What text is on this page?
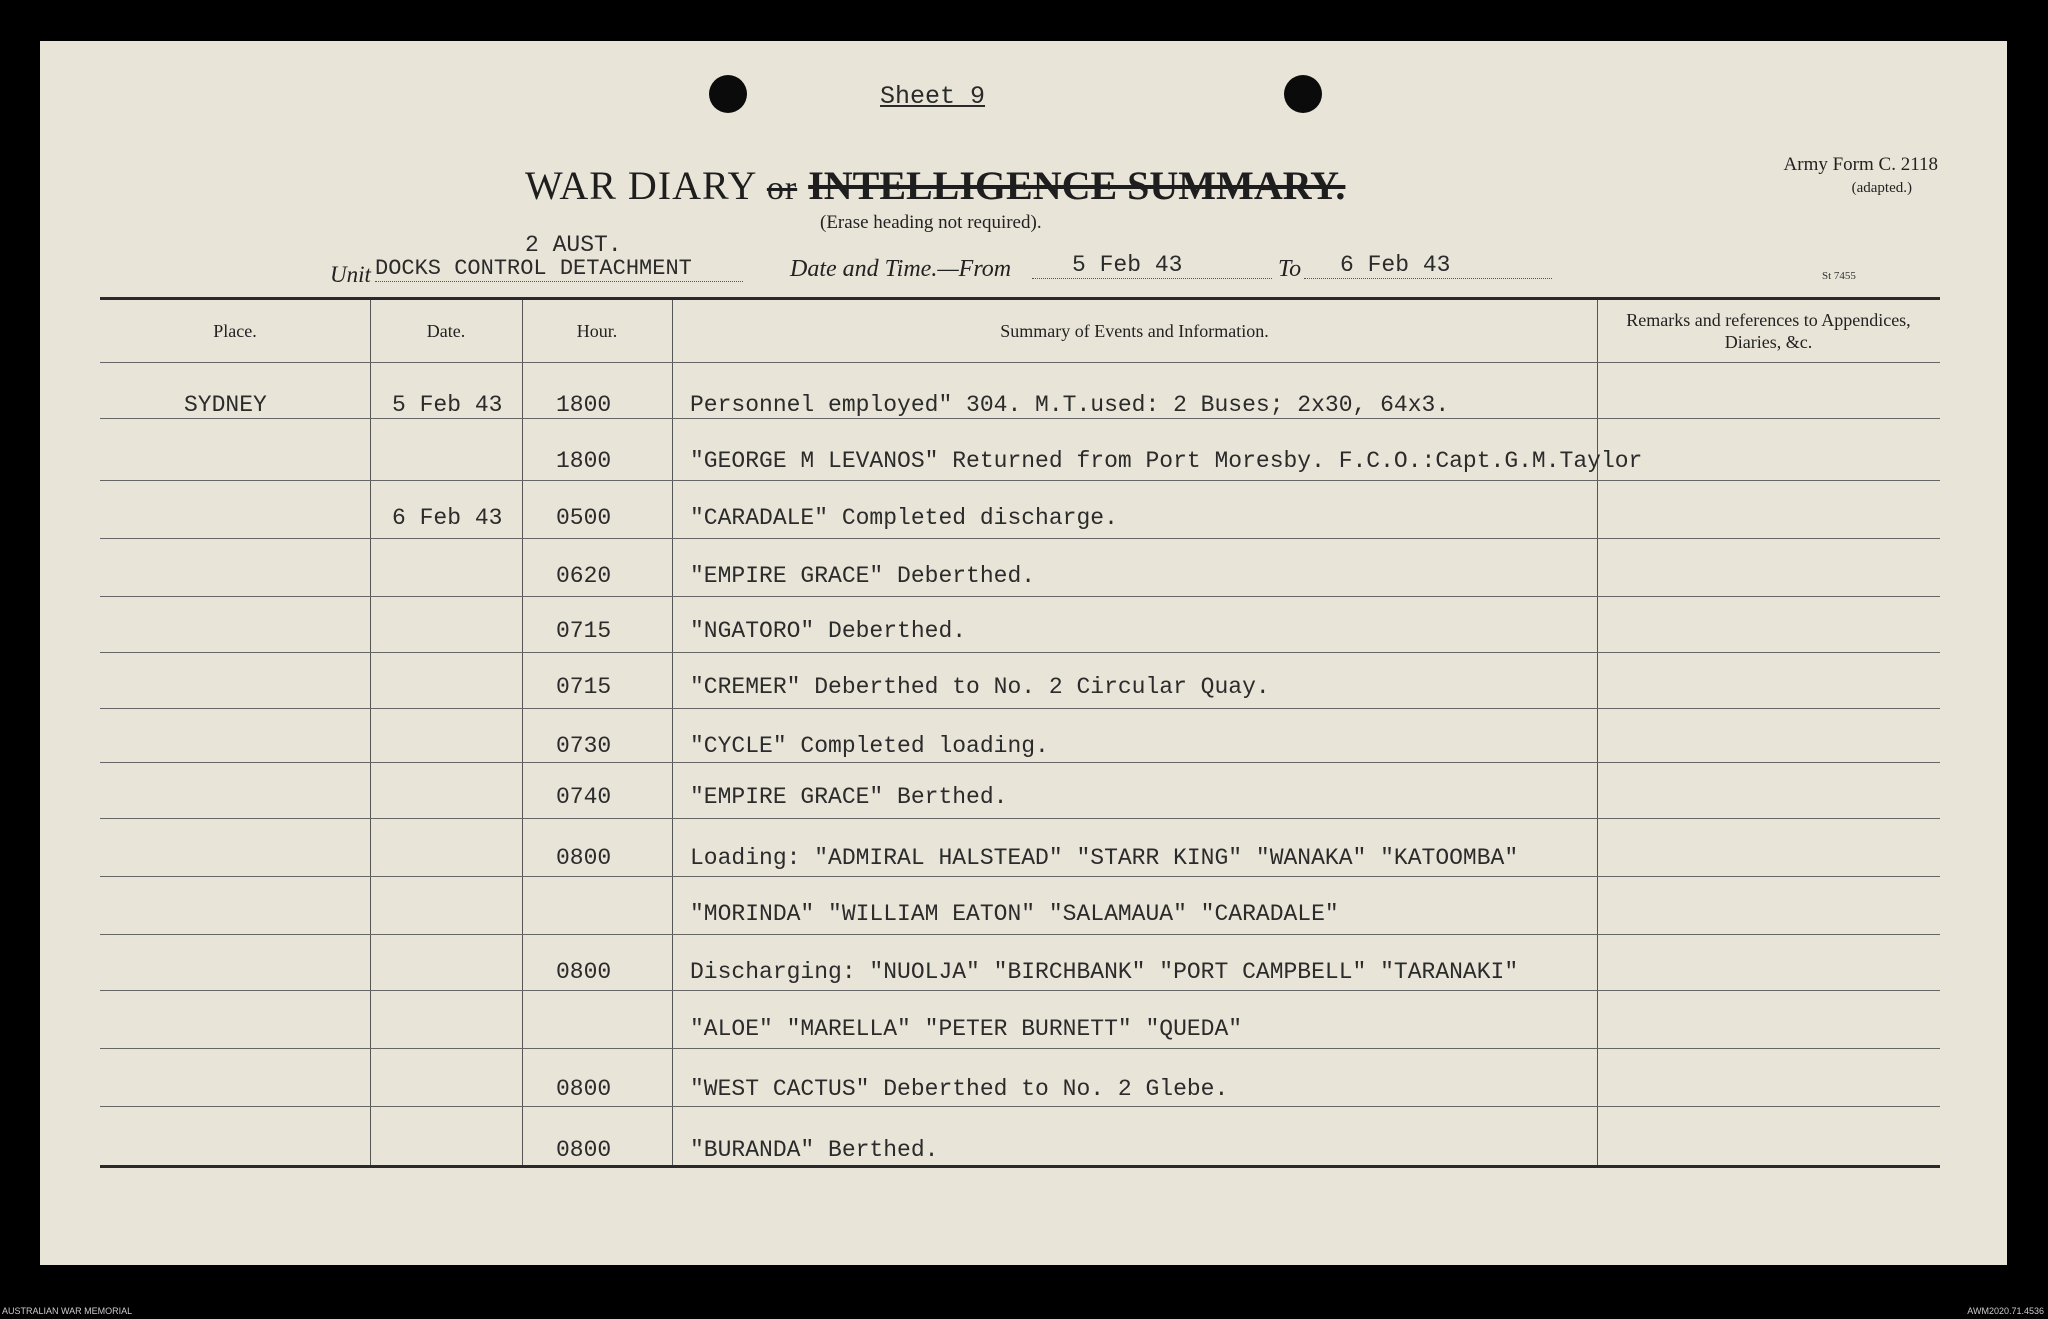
Sheet 9
WAR DIARY or INTELLIGENCE SUMMARY.
(Erase heading not required).
Army Form C. 2118
(adapted.)
St 7455
2 AUST.
Unit DOCKS CONTROL DETACHMENT	Date and Time.—From	5 Feb 43	To	6 Feb 43
Place.	Date.	Hour.	Summary of Events and Information.
Remarks and references to Appendices, Diaries, &c.
SYDNEY	5 Feb 43 1800	Personnel employed" 304. M.T.used: 2 Buses; 2x30, 64x3.
1800	"GEORGE M LEVANOS" Returned from Port Moresby. F.C.O.:Capt.G.M.Taylor
6 Feb 43 0500	"CARADALE" Completed discharge.
0620	"EMPIRE GRACE" Deberthed.
0715	"NGATORO" Deberthed.
0715	"CREMER" Deberthed to No. 2 Circular Quay.
0730	"CYCLE" Completed loading.
0740	"EMPIRE GRACE" Berthed.
0800	Loading: "ADMIRAL HALSTEAD" "STARR KING" "WANAKA" "KATOOMBA"
"MORINDA" "WILLIAM EATON" "SALAMAUA" "CARADALE"
0800	Discharging: "NUOLJA" "BIRCHBANK" "PORT CAMPBELL" "TARANAKI"
"ALOE" "MARELLA" "PETER BURNETT" "QUEDA"
0800	"WEST CACTUS" Deberthed to No. 2 Glebe.
0800	"BURANDA" Berthed.
AUSTRALIAN WAR MEMORIAL	AWM2020.71.4536
